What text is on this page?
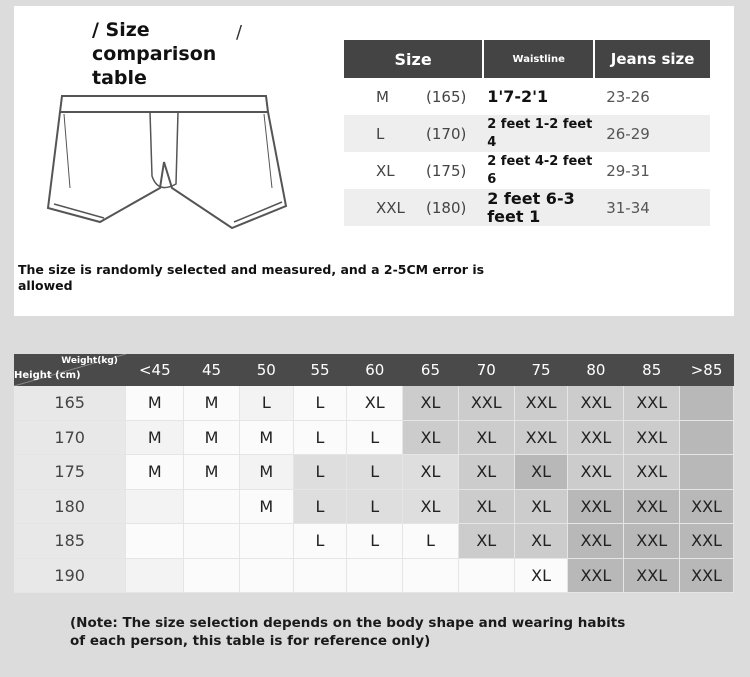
/ Size comparison table
/
Size	Waistline	Jeans size

M (165)	1'7-2'1	23-26

L (170)	2 feet 1-2 feet 4	26-29

XL (175)	2 feet 4-2 feet 6	29-31

XXL (180)	2 feet 6-3 feet 1	31-34
The size is randomly selected and measured, and a 2-5CM error is allowed
Weight(kg)
Height (cm)	<45	45	50	55	60	65	70	75	80	85	>85
165	M	M	L	L	XL	XL	XXL	XXL	XXL	XXL	
170	M	M	M	L	L	XL	XL	XXL	XXL	XXL	
175	M	M	M	L	L	XL	XL	XL	XXL	XXL	
180			M	L	L	XL	XL	XL	XXL	XXL	XXL
185				L	L	L	XL	XL	XXL	XXL	XXL
190								XL	XXL	XXL	XXL
(Note: The size selection depends on the body shape and wearing habits of each person, this table is for reference only)
